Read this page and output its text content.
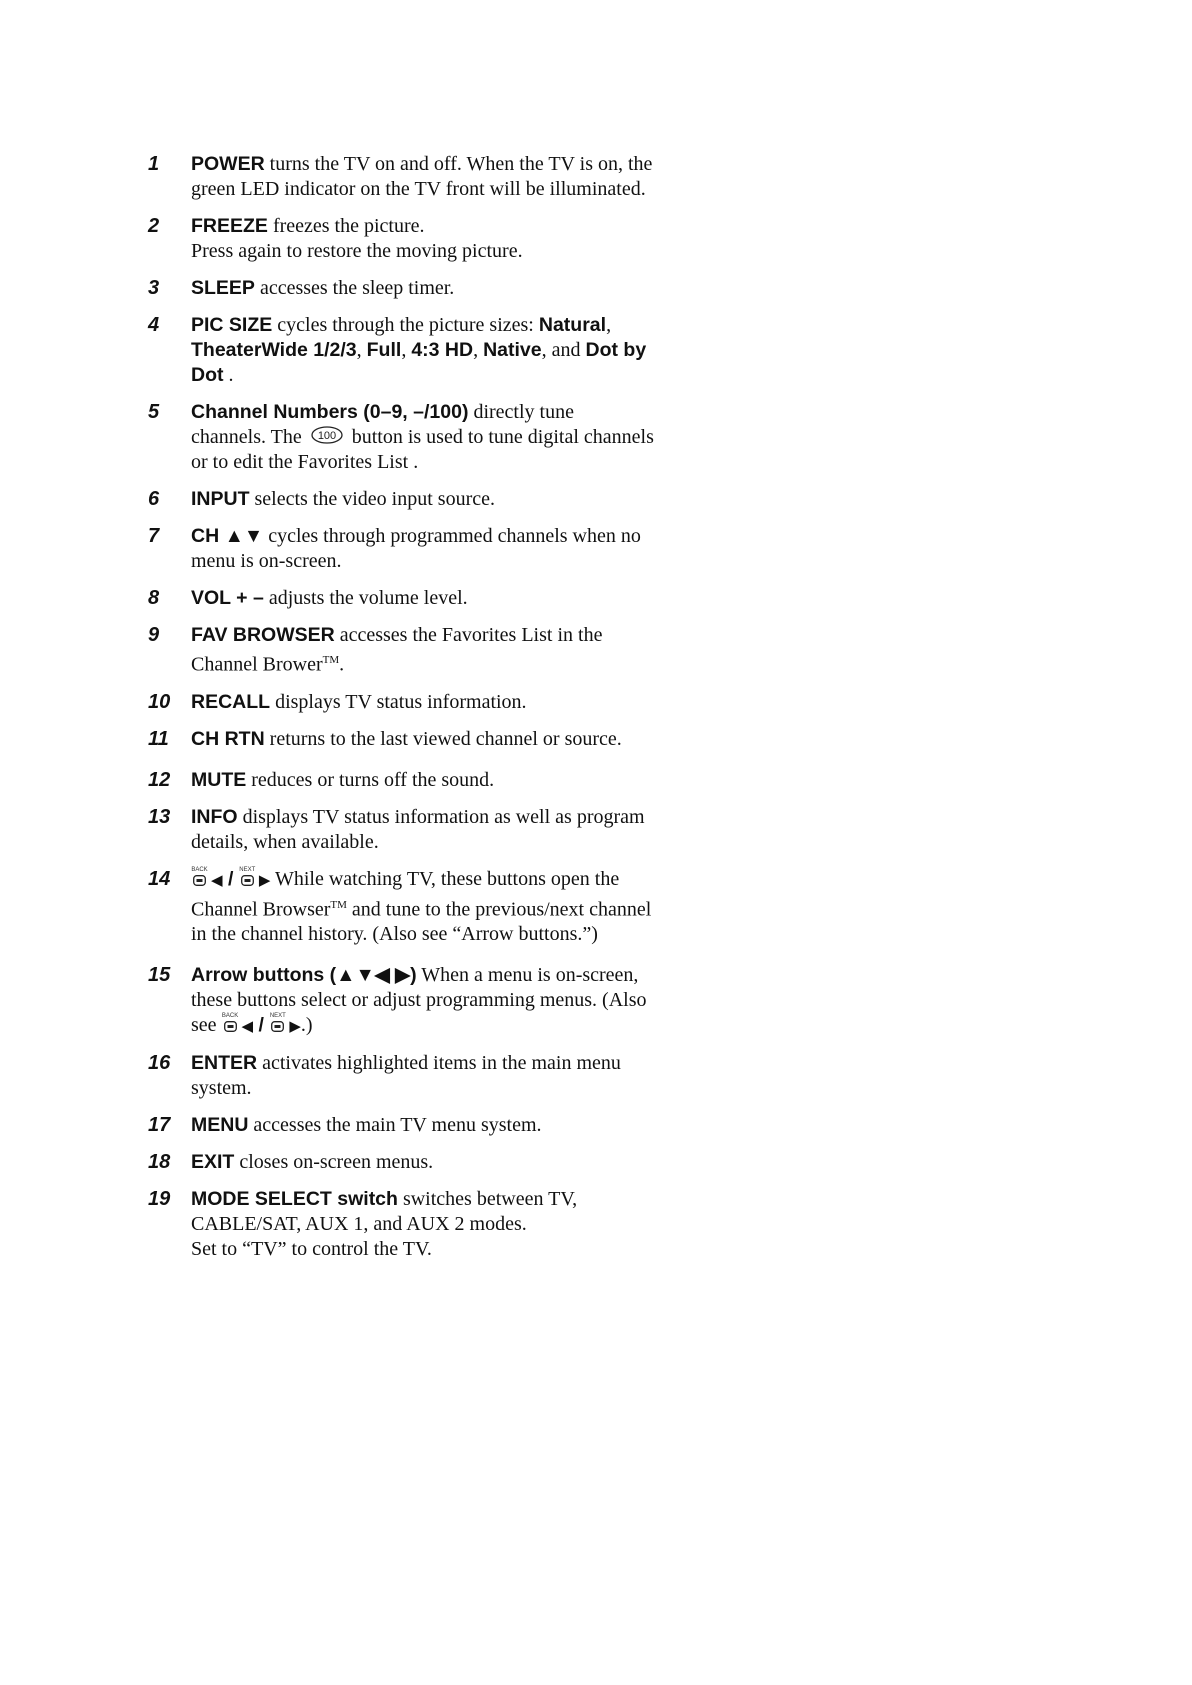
1 POWER turns the TV on and off. When the TV is on, the
green LED indicator on the TV front will be illuminated.
2 FREEZE freezes the picture.
Press again to restore the moving picture.
3 SLEEP accesses the sleep timer.
4 PIC SIZE cycles through the picture sizes: Natural,
TheaterWide 1/2/3, Full, 4:3 HD, Native, and Dot by
Dot .
5 Channel Numbers (0–9, –/100) directly tune
channels. The 100 button is used to tune digital channels
or to edit the Favorites List .
6 INPUT selects the video input source.
7 CH ▲▼ cycles through programmed channels when no
menu is on-screen.
8 VOL + – adjusts the volume level.
9 FAV BROWSER accesses the Favorites List in the
Channel Brower™.
10 RECALL displays TV status information.
11 CH RTN returns to the last viewed channel or source.
12 MUTE reduces or turns off the sound.
13 INFO displays TV status information as well as program
details, when available.
14	BACK
◀ / NEXT
▶ While watching TV, these buttons open the
Channel Browser™ and tune to the previous/next channel
in the channel history. (Also see “Arrow buttons.”)
15 Arrow buttons (▲▼◀ ▶) When a menu is on-screen,
these buttons select or adjust programming menus. (Also
see BACK
◀ / NEXT
▶.)
16 ENTER activates highlighted items in the main menu
system.
17 MENU accesses the main TV menu system.
18 EXIT closes on-screen menus.
19 MODE SELECT switch switches between TV,
CABLE/SAT, AUX 1, and AUX 2 modes.
Set to “TV” to control the TV.
